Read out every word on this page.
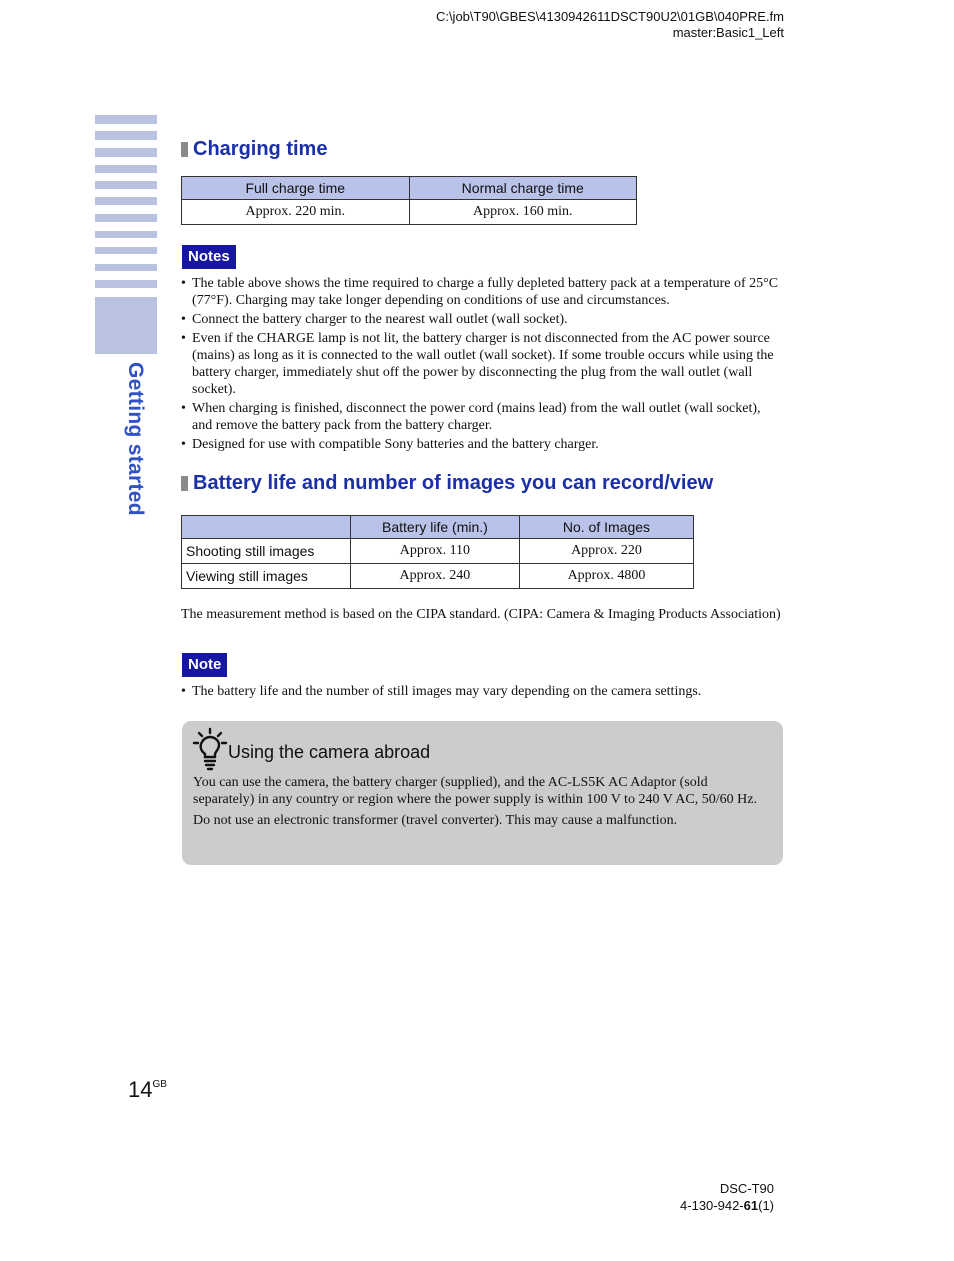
C:\job\T90\GBES\4130942611DSCT90U2\01GB\040PRE.fm
master:Basic1_Left
Getting started
Charging time
Full charge time	Normal charge time
Approx. 220 min.	Approx. 160 min.
Notes
• The table above shows the time required to charge a fully depleted battery pack at a temperature of 25°C (77°F). Charging may take longer depending on conditions of use and circumstances.
• Connect the battery charger to the nearest wall outlet (wall socket).
• Even if the CHARGE lamp is not lit, the battery charger is not disconnected from the AC power source (mains) as long as it is connected to the wall outlet (wall socket). If some trouble occurs while using the battery charger, immediately shut off the power by disconnecting the plug from the wall outlet (wall socket).
• When charging is finished, disconnect the power cord (mains lead) from the wall outlet (wall socket), and remove the battery pack from the battery charger.
• Designed for use with compatible Sony batteries and the battery charger.
Battery life and number of images you can record/view
	Battery life (min.)	No. of Images
Shooting still images	Approx. 110	Approx. 220
Viewing still images	Approx. 240	Approx. 4800
The measurement method is based on the CIPA standard. (CIPA: Camera & Imaging Products Association)
Note
• The battery life and the number of still images may vary depending on the camera settings.
Using the camera abroad

You can use the camera, the battery charger (supplied), and the AC-LS5K AC Adaptor (sold separately) in any country or region where the power supply is within 100 V to 240 V AC, 50/60 Hz.

Do not use an electronic transformer (travel converter). This may cause a malfunction.

$14^{GB}$
DSC-T90
4-130-942-61(1)
